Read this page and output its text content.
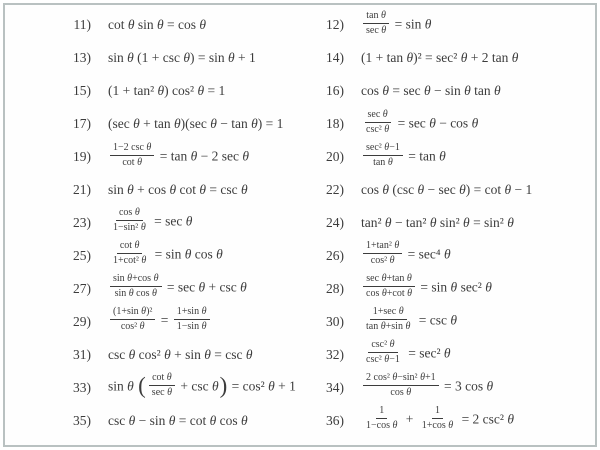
11) cot θ sin θ = cos θ	$12) \frac{\text{tan θ}}{\text{sec θ}} = \sin \theta$
13) sin θ (1 + csc θ) = sin θ + 1	14) (1 + tan θ)² = sec² θ + 2 tan θ
15) (1 + tan² θ) cos² θ = 1	16) cos θ = sec θ − sin θ tan θ
17) (sec θ + tan θ)(sec θ − tan θ) = 1	$18) \frac{\text{sec θ}}{\text{csc² θ}} = \sec \theta - \cos \theta$
$19) \frac{\text{1−2 csc θ}}{\text{cot θ}} = \tan \theta - 2$ sec θ	$20) \frac{\text{sec² θ−1}}{\text{tan θ}} = \tan \theta$
21) sin θ + cos θ cot θ = csc θ	22) cos θ (csc θ − sec θ) = cot θ − 1
$23) \frac{\text{cos θ}}{\text{1−sin² θ}} = \sec \theta$	24) tan² θ − tan² θ sin² θ = sin² θ
$25) \frac{\text{cot θ}}{\text{1+cot² θ}} = \sin \theta$ cos θ	$26) \frac{\text{1+tan² θ}}{\text{cos² θ}} = \sec^4$ θ
$27) \frac{\text{sin θ+cos θ}}{\text{sin θ cos θ}} = \sec \theta + \csc \theta$	$28) \frac{\text{sec θ+tan θ}}{\text{cos θ+cot θ}} = \sin \theta$ sec² θ
$29) \frac{\text{(1+sin θ)²}}{\text{cos² θ}} = \frac{\text{1+sin θ}}{\text{1−sin θ}}$	$30) \frac{\text{1+sec θ}}{\text{tan θ+sin θ}} = \csc \theta$
31) csc θ cos² θ + sin θ = csc θ	$32) \frac{\text{csc² θ}}{\text{csc² θ−1}} = \sec^2$ θ
33) sin θ ( $\frac{\text{cot θ}}{\text{sec θ}} + \csc \theta) = \cos^2$ θ + 1	$34) \frac{\text{2 cos² θ−sin² θ+1}}{\text{cos θ}} = 3$ cos θ
35) csc θ − sin θ = cot θ cos θ	$36) \frac{1}{\text{1−cos θ}} + \frac{1}{\text{1+cos θ}} = 2$ csc² θ
